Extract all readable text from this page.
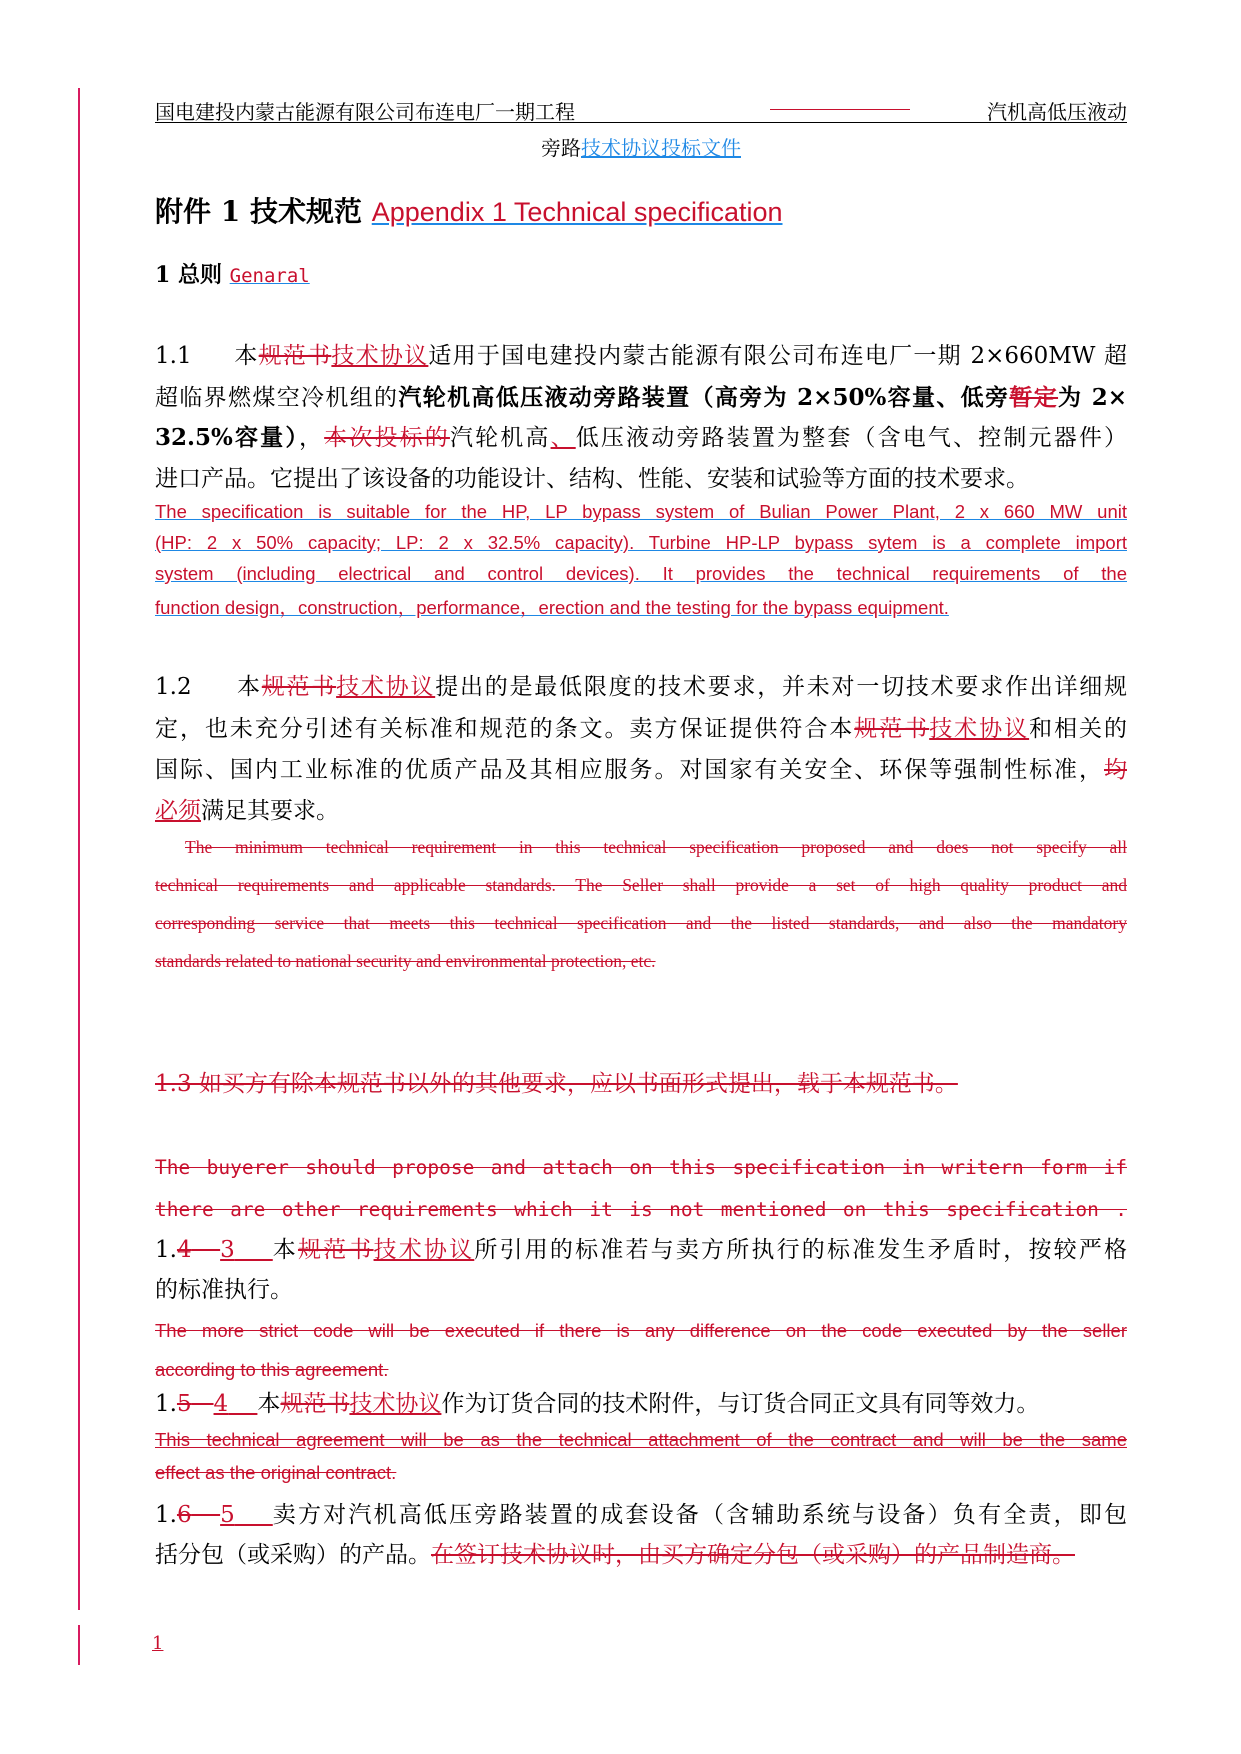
国电建投内蒙古能源有限公司布连电厂一期工程	汽机高低压液动
旁路技术协议投标文件
附件 1 技术规范 Appendix 1 Technical specification
1 总则 Genaral
1.1 本规范书技术协议适用于国电建投内蒙古能源有限公司布连电厂一期 2×660MW 超
超临界燃煤空冷机组的汽轮机高低压液动旁路装置（高旁为 2×50%容量、低旁暂定为 2×
32.5%容量），本次投标的汽轮机高、低压液动旁路装置为整套（含电气、控制元器件）
进口产品。它提出了该设备的功能设计、结构、性能、安装和试验等方面的技术要求。
The specification is suitable for the HP, LP bypass system of Bulian Power Plant, 2 x 660 MW unit
(HP: 2 x 50% capacity; LP: 2 x 32.5% capacity). Turbine HP-LP bypass sytem is a complete import
system (including electrical and control devices). It provides the technical requirements of the
function design，construction，performance，erection and the testing for the bypass equipment.
1.2 本规范书技术协议提出的是最低限度的技术要求，并未对一切技术要求作出详细规
定，也未充分引述有关标准和规范的条文。卖方保证提供符合本规范书技术协议和相关的
国际、国内工业标准的优质产品及其相应服务。对国家有关安全、环保等强制性标准，均
必须满足其要求。
The minimum technical requirement in this technical specification proposed and does not specify all
technical requirements and applicable standards. The Seller shall provide a set of high quality product and
corresponding service that meets this technical specification and the listed standards, and also the mandatory
standards related to national security and environmental protection, etc.
1.3 如买方有除本规范书以外的其他要求，应以书面形式提出，载于本规范书。
The buyerer should propose and attach on this specification in writern form if
there are other requirements which it is not mentioned on this specification .
1.4 3 本规范书技术协议所引用的标准若与卖方所执行的标准发生矛盾时，按较严格
的标准执行。
The more strict code will be executed if there is any difference on the code executed by the seller
according to this agreement.
1.5 4 本规范书技术协议作为订货合同的技术附件，与订货合同正文具有同等效力。
This technical agreement will be as the technical attachment of the contract and will be the same
effect as the original contract.
1.6 5 卖方对汽机高低压旁路装置的成套设备（含辅助系统与设备）负有全责，即包
括分包（或采购）的产品。在签订技术协议时，由买方确定分包（或采购）的产品制造商。
1
